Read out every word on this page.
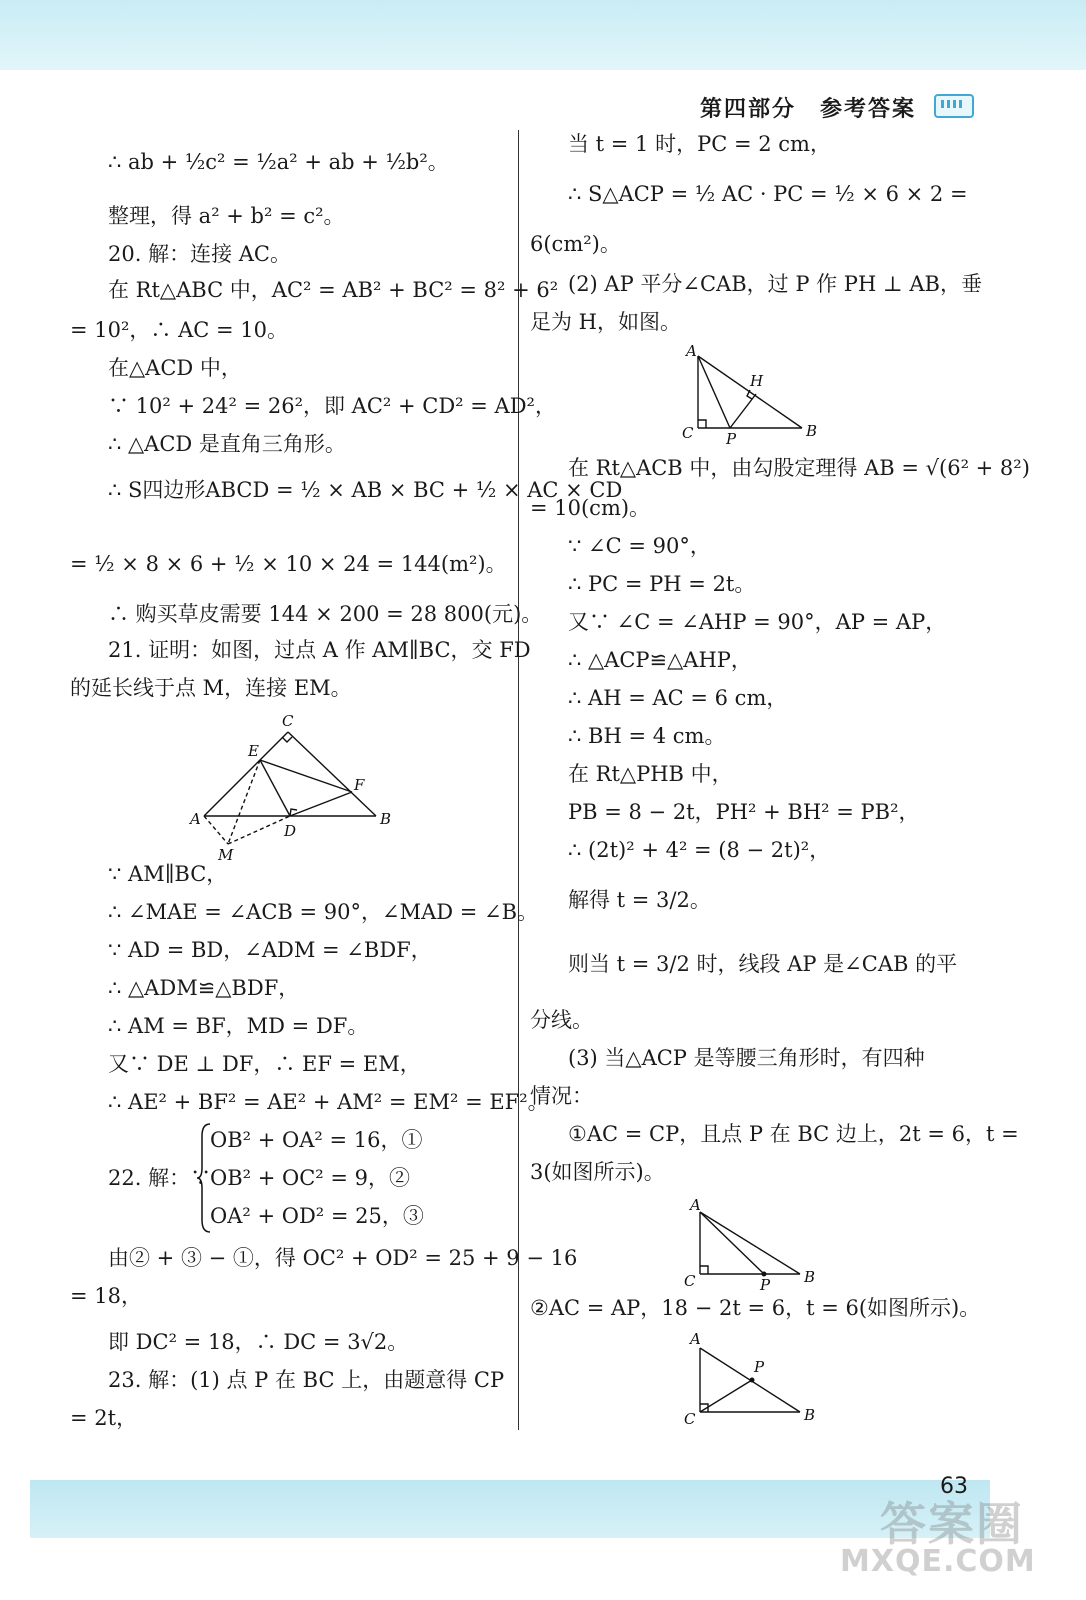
第四部分 参考答案
∴ ab + ½c² = ½a² + ab + ½b²。
整理，得 a² + b² = c²。
20. 解：连接 AC。
在 Rt△ABC 中，AC² = AB² + BC² = 8² + 6²
= 10²，∴ AC = 10。
在△ACD 中，
∵ 10² + 24² = 26²，即 AC² + CD² = AD²，
∴ △ACD 是直角三角形。
∴ S四边形ABCD = ½ × AB × BC + ½ × AC × CD
= ½ × 8 × 6 + ½ × 10 × 24 = 144(m²)。
∴ 购买草皮需要 144 × 200 = 28 800(元)。
21. 证明：如图，过点 A 作 AM∥BC，交 FD
的延长线于点 M，连接 EM。
C
E
F
A
D
B
M
∵ AM∥BC，
∴ ∠MAE = ∠ACB = 90°，∠MAD = ∠B。
∵ AD = BD，∠ADM = ∠BDF，
∴ △ADM≌△BDF，
∴ AM = BF，MD = DF。
又∵ DE ⊥ DF，∴ EF = EM，
∴ AE² + BF² = AE² + AM² = EM² = EF²。
OB² + OA² = 16，①
22. 解：∵
OB² + OC² = 9，②
OA² + OD² = 25，③
由② + ③ − ①，得 OC² + OD² = 25 + 9 − 16
= 18，
即 DC² = 18，∴ DC = 3√2。
23. 解：(1) 点 P 在 BC 上，由题意得 CP
= 2t，
当 t = 1 时，PC = 2 cm，
∴ S△ACP = ½ AC · PC = ½ × 6 × 2 =
6(cm²)。
(2) AP 平分∠CAB，过 P 作 PH ⊥ AB，垂
足为 H，如图。
A
H
C P	B
在 Rt△ACB 中，由勾股定理得 AB = √(6² + 8²)
= 10(cm)。
∵ ∠C = 90°，
∴ PC = PH = 2t。
又∵ ∠C = ∠AHP = 90°，AP = AP，
∴ △ACP≌△AHP，
∴ AH = AC = 6 cm，
∴ BH = 4 cm。
在 Rt△PHB 中，
PB = 8 − 2t，PH² + BH² = PB²，
∴ (2t)² + 4² = (8 − 2t)²，
解得 t = 3/2。
则当 t = 3/2 时，线段 AP 是∠CAB 的平
分线。
(3) 当△ACP 是等腰三角形时，有四种
情况：
①AC = CP，且点 P 在 BC 边上，2t = 6，t =
3(如图所示)。
A
C	P B
②AC = AP，18 − 2t = 6，t = 6(如图所示)。
A
P
C	B
63
答案圈
MXQE.COM
